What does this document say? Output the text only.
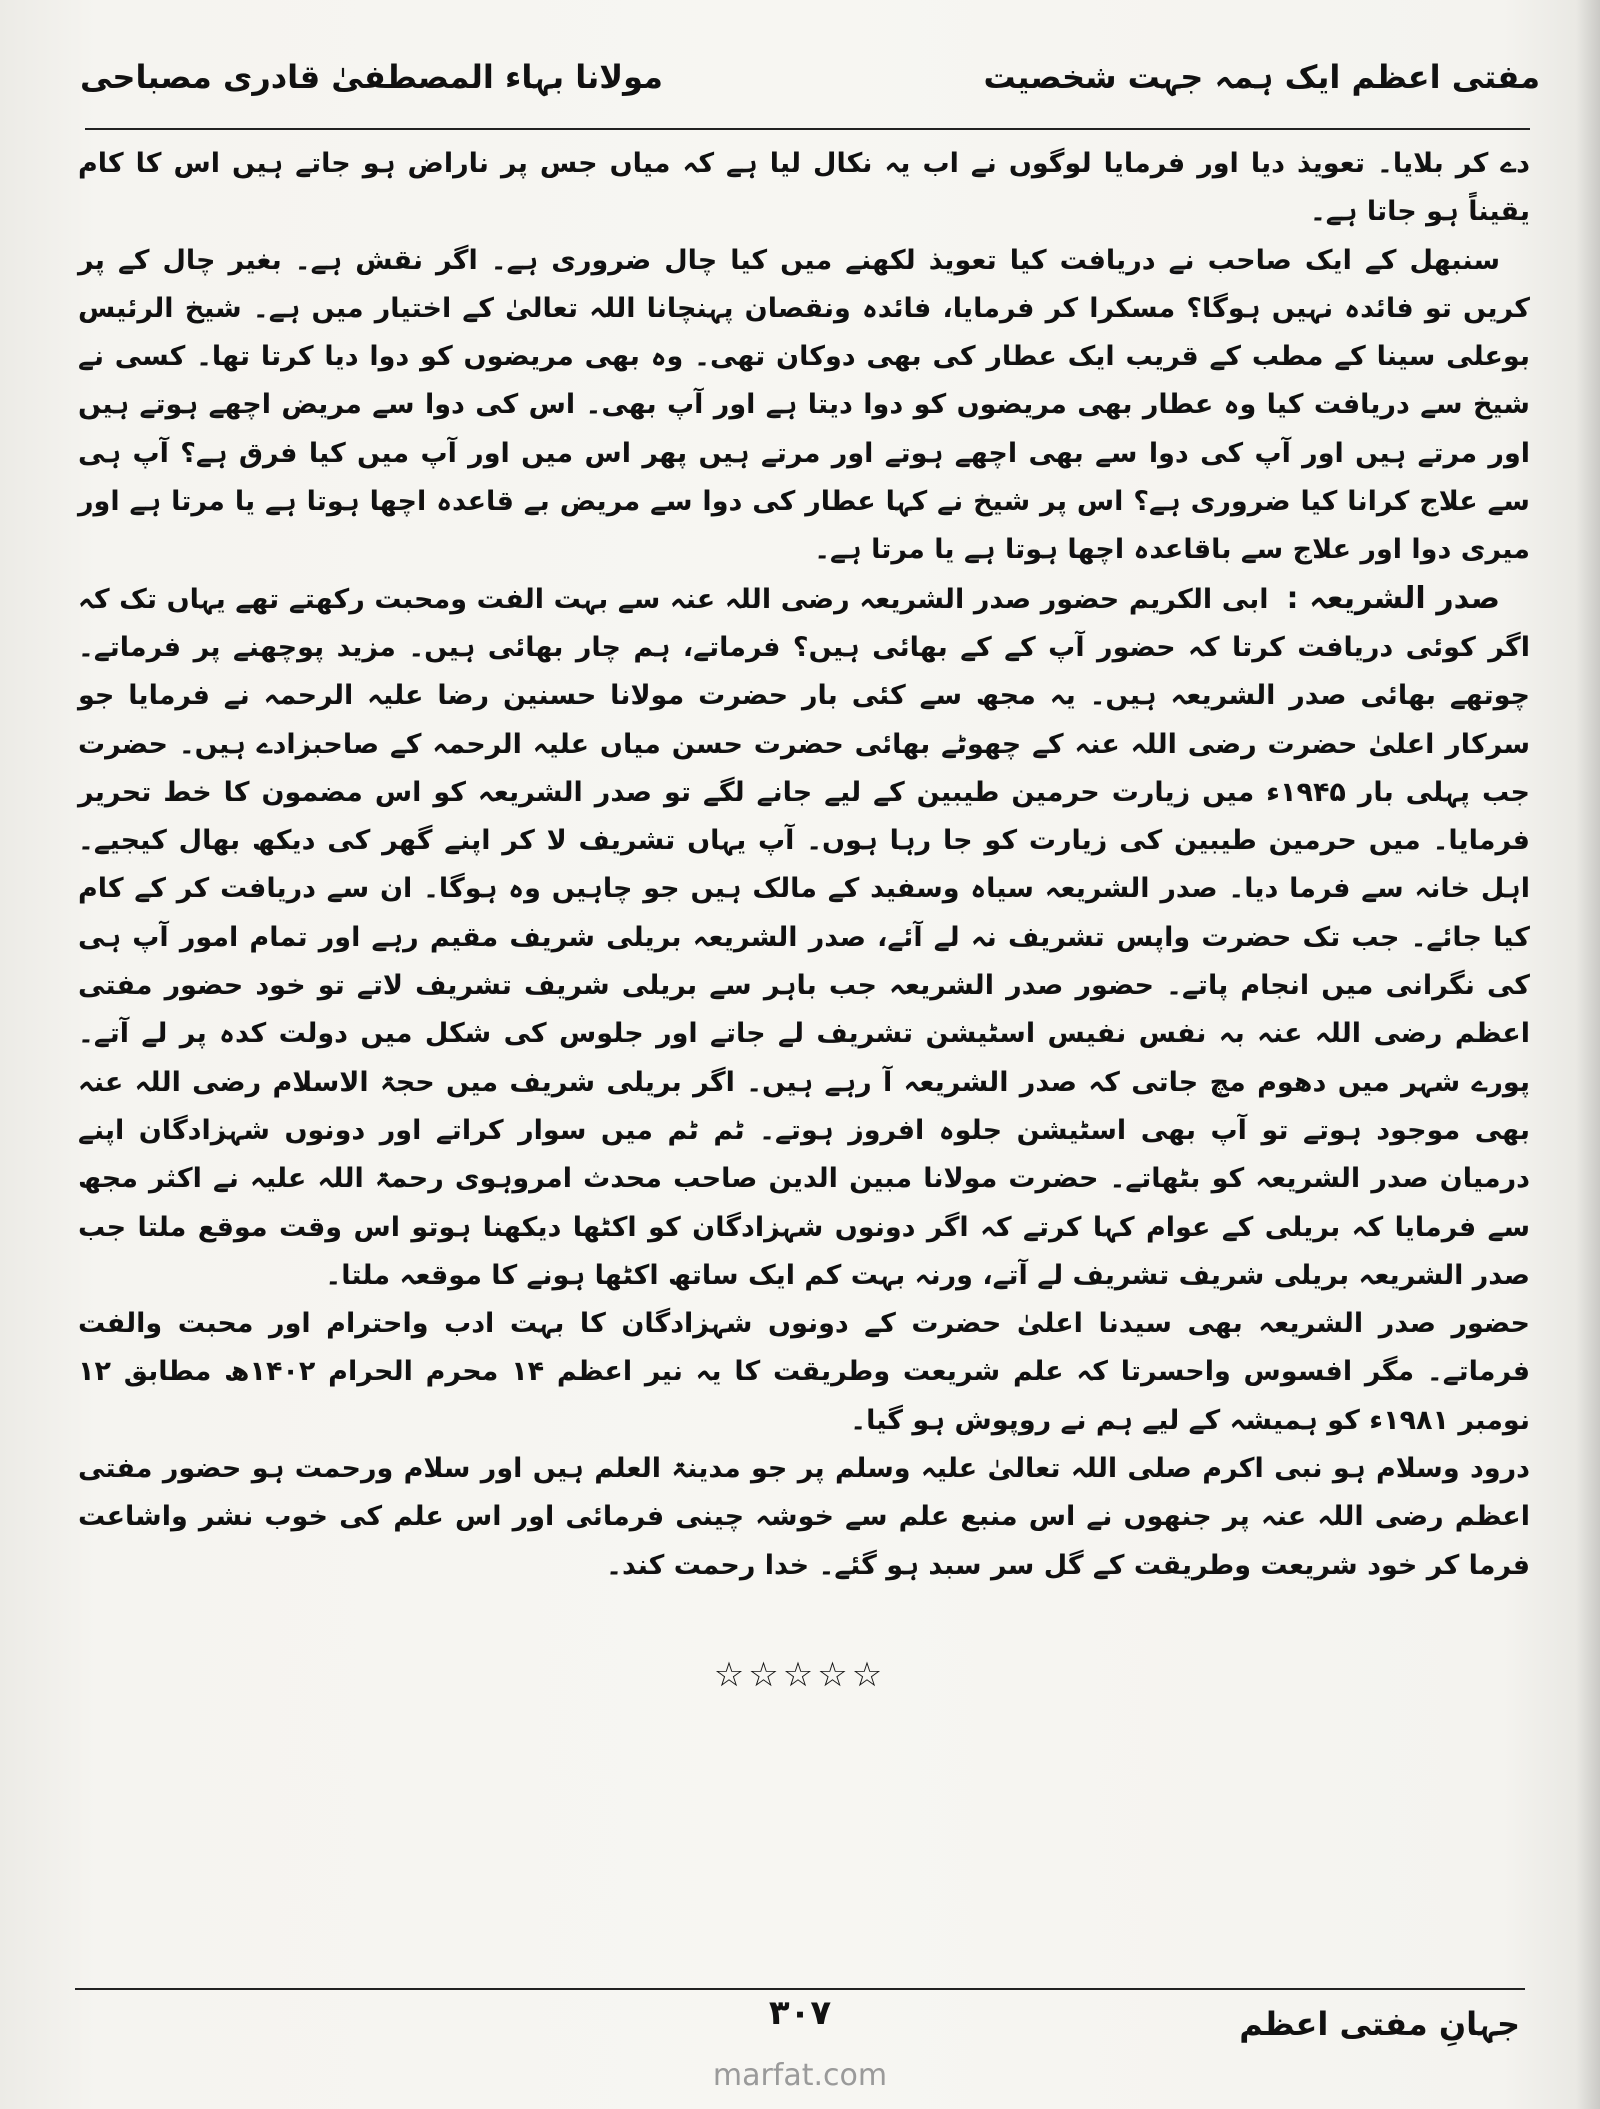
مفتی اعظم ایک ہمہ جہت شخصیت
مولانا بہاء المصطفیٰ قادری مصباحی

دے کر بلایا۔ تعویذ دیا اور فرمایا لوگوں نے اب یہ نکال لیا ہے کہ میاں جس پر ناراض ہو جاتے ہیں اس کا کام یقیناً ہو جاتا ہے۔

سنبھل کے ایک صاحب نے دریافت کیا تعویذ لکھنے میں کیا چال ضروری ہے۔ اگر نقش ہے۔ بغیر چال کے پر کریں تو فائدہ نہیں ہوگا؟ مسکرا کر فرمایا، فائدہ ونقصان پہنچانا اللہ تعالیٰ کے اختیار میں ہے۔ شیخ الرئیس بوعلی سینا کے مطب کے قریب ایک عطار کی بھی دوکان تھی۔ وہ بھی مریضوں کو دوا دیا کرتا تھا۔ کسی نے شیخ سے دریافت کیا وہ عطار بھی مریضوں کو دوا دیتا ہے اور آپ بھی۔ اس کی دوا سے مریض اچھے ہوتے ہیں اور مرتے ہیں اور آپ کی دوا سے بھی اچھے ہوتے اور مرتے ہیں پھر اس میں اور آپ میں کیا فرق ہے؟ آپ ہی سے علاج کرانا کیا ضروری ہے؟ اس پر شیخ نے کہا عطار کی دوا سے مریض بے قاعدہ اچھا ہوتا ہے یا مرتا ہے اور میری دوا اور علاج سے باقاعدہ اچھا ہوتا ہے یا مرتا ہے۔

صدر الشریعہ :ابی الکریم حضور صدر الشریعہ رضی اللہ عنہ سے بہت الفت ومحبت رکھتے تھے یہاں تک کہ اگر کوئی دریافت کرتا کہ حضور آپ کے کے بھائی ہیں؟ فرماتے، ہم چار بھائی ہیں۔ مزید پوچھنے پر فرماتے۔ چوتھے بھائی صدر الشریعہ ہیں۔ یہ مجھ سے کئی بار حضرت مولانا حسنین رضا علیہ الرحمہ نے فرمایا جو سرکار اعلیٰ حضرت رضی اللہ عنہ کے چھوٹے بھائی حضرت حسن میاں علیہ الرحمہ کے صاحبزادے ہیں۔ حضرت جب پہلی بار ۱۹۴۵ء میں زیارت حرمین طیبین کے لیے جانے لگے تو صدر الشریعہ کو اس مضمون کا خط تحریر فرمایا۔ میں حرمین طیبین کی زیارت کو جا رہا ہوں۔ آپ یہاں تشریف لا کر اپنے گھر کی دیکھ بھال کیجیے۔ اہل خانہ سے فرما دیا۔ صدر الشریعہ سیاہ وسفید کے مالک ہیں جو چاہیں وہ ہوگا۔ ان سے دریافت کر کے کام کیا جائے۔ جب تک حضرت واپس تشریف نہ لے آئے، صدر الشریعہ بریلی شریف مقیم رہے اور تمام امور آپ ہی کی نگرانی میں انجام پاتے۔ حضور صدر الشریعہ جب باہر سے بریلی شریف تشریف لاتے تو خود حضور مفتی اعظم رضی اللہ عنہ بہ نفس نفیس اسٹیشن تشریف لے جاتے اور جلوس کی شکل میں دولت کدہ پر لے آتے۔ پورے شہر میں دھوم مچ جاتی کہ صدر الشریعہ آ رہے ہیں۔ اگر بریلی شریف میں حجۃ الاسلام رضی اللہ عنہ بھی موجود ہوتے تو آپ بھی اسٹیشن جلوہ افروز ہوتے۔ ٹم ٹم میں سوار کراتے اور دونوں شہزادگان اپنے درمیان صدر الشریعہ کو بٹھاتے۔ حضرت مولانا مبین الدین صاحب محدث امروہوی رحمۃ اللہ علیہ نے اکثر مجھ سے فرمایا کہ بریلی کے عوام کہا کرتے کہ اگر دونوں شہزادگان کو اکٹھا دیکھنا ہوتو اس وقت موقع ملتا جب صدر الشریعہ بریلی شریف تشریف لے آتے، ورنہ بہت کم ایک ساتھ اکٹھا ہونے کا موقعہ ملتا۔

حضور صدر الشریعہ بھی سیدنا اعلیٰ حضرت کے دونوں شہزادگان کا بہت ادب واحترام اور محبت والفت فرماتے۔ مگر افسوس واحسرتا کہ علم شریعت وطریقت کا یہ نیر اعظم ۱۴ محرم الحرام ۱۴۰۲ھ مطابق ۱۲ نومبر ۱۹۸۱ء کو ہمیشہ کے لیے ہم نے روپوش ہو گیا۔

درود وسلام ہو نبی اکرم صلی اللہ تعالیٰ علیہ وسلم پر جو مدینۃ العلم ہیں اور سلام ورحمت ہو حضور مفتی اعظم رضی اللہ عنہ پر جنھوں نے اس منبع علم سے خوشہ چینی فرمائی اور اس علم کی خوب نشر واشاعت فرما کر خود شریعت وطریقت کے گل سر سبد ہو گئے۔ خدا رحمت کند۔

☆☆☆☆☆
جہانِ مفتی اعظم
۳۰۷
marfat.com
